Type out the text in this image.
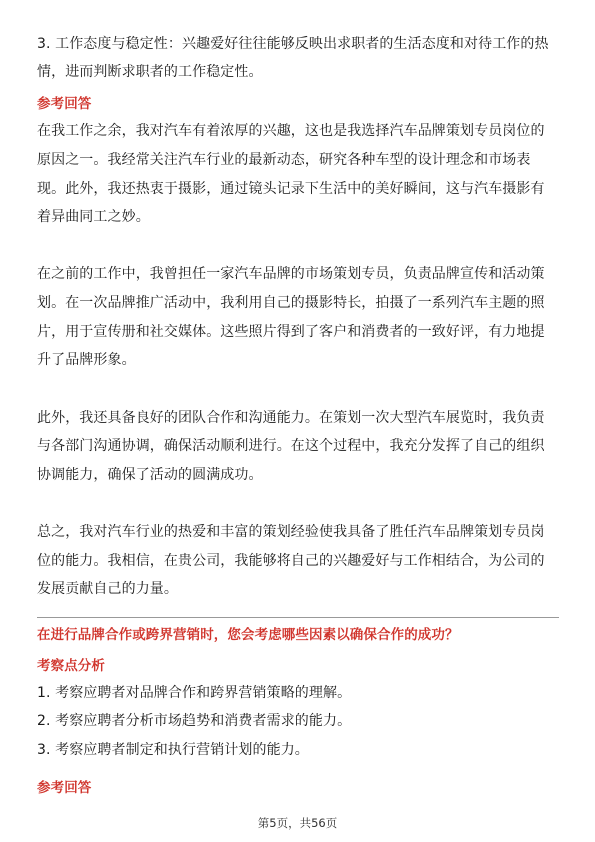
3. 工作态度与稳定性：兴趣爱好往往能够反映出求职者的生活态度和对待工作的热
情，进而判断求职者的工作稳定性。
参考回答
在我工作之余，我对汽车有着浓厚的兴趣，这也是我选择汽车品牌策划专员岗位的
原因之一。我经常关注汽车行业的最新动态，研究各种车型的设计理念和市场表
现。此外，我还热衷于摄影，通过镜头记录下生活中的美好瞬间，这与汽车摄影有
着异曲同工之妙。
在之前的工作中，我曾担任一家汽车品牌的市场策划专员，负责品牌宣传和活动策
划。在一次品牌推广活动中，我利用自己的摄影特长，拍摄了一系列汽车主题的照
片，用于宣传册和社交媒体。这些照片得到了客户和消费者的一致好评，有力地提
升了品牌形象。
此外，我还具备良好的团队合作和沟通能力。在策划一次大型汽车展览时，我负责
与各部门沟通协调，确保活动顺利进行。在这个过程中，我充分发挥了自己的组织
协调能力，确保了活动的圆满成功。
总之，我对汽车行业的热爱和丰富的策划经验使我具备了胜任汽车品牌策划专员岗
位的能力。我相信，在贵公司，我能够将自己的兴趣爱好与工作相结合，为公司的
发展贡献自己的力量。
在进行品牌合作或跨界营销时，您会考虑哪些因素以确保合作的成功？
考察点分析
1. 考察应聘者对品牌合作和跨界营销策略的理解。
2. 考察应聘者分析市场趋势和消费者需求的能力。
3. 考察应聘者制定和执行营销计划的能力。
参考回答
第5页，共56页
